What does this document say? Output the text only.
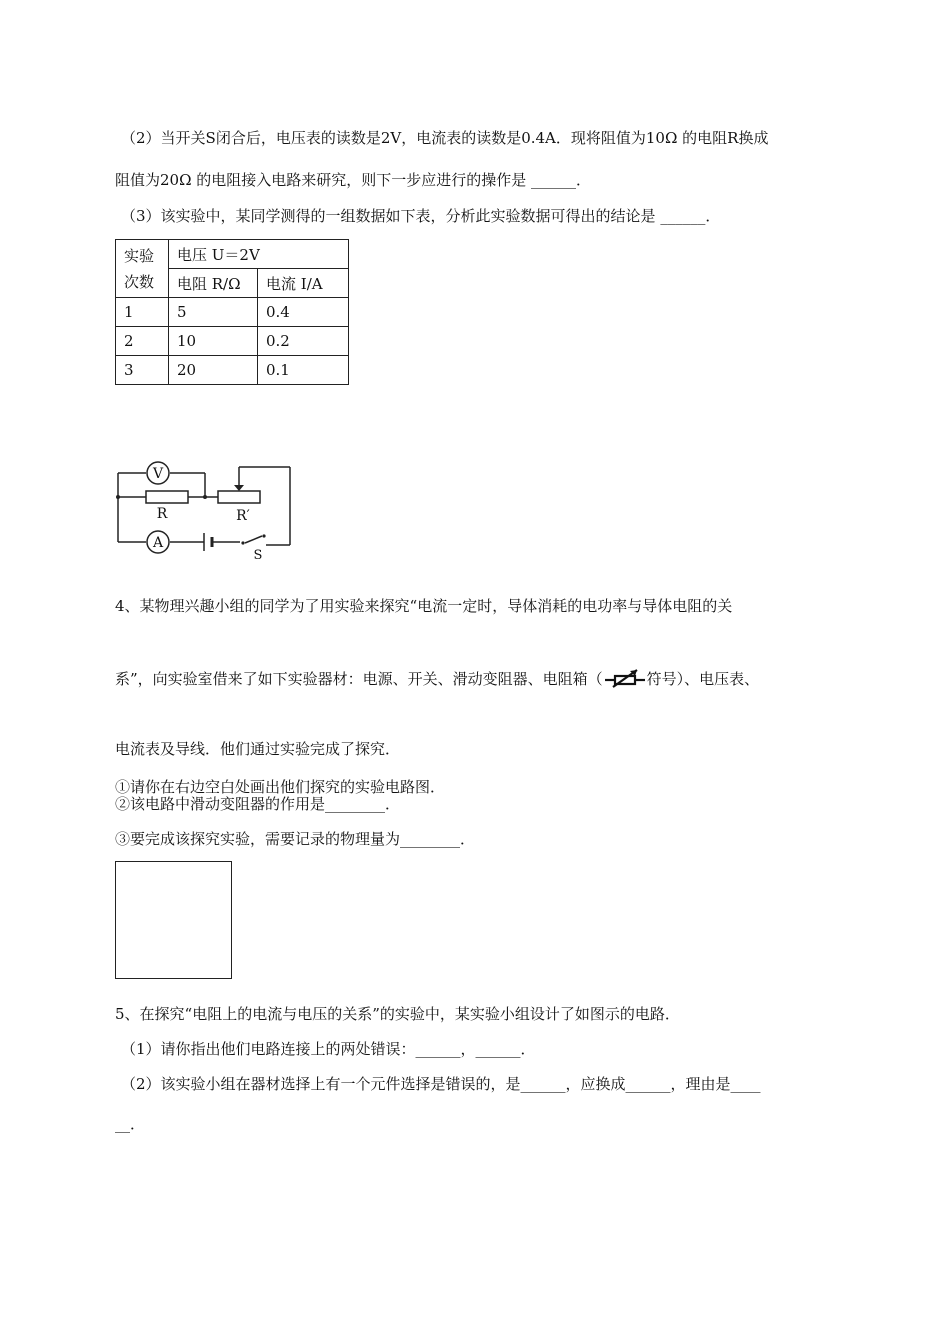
（2）当开关S闭合后，电压表的读数是2V，电流表的读数是0.4A．现将阻值为10Ω 的电阻R换成
阻值为20Ω 的电阻接入电路来研究，则下一步应进行的操作是 ______．
（3）该实验中，某同学测得的一组数据如下表，分析此实验数据可得出的结论是 ______．
实验
次数	电压 U＝2V	
	电阻 R/Ω	电流 I/A
1	5	0.4
2	10	0.2
3	20	0.1
V
A
R	R′
S
4、某物理兴趣小组的同学为了用实验来探究“电流一定时，导体消耗的电功率与导体电阻的关
系”，向实验室借来了如下实验器材：电源、开关、滑动变阻器、电阻箱（	符号）、电压表、
电流表及导线．他们通过实验完成了探究．
①请你在右边空白处画出他们探究的实验电路图．
②该电路中滑动变阻器的作用是________．
③要完成该探究实验，需要记录的物理量为________．
5、在探究“电阻上的电流与电压的关系”的实验中，某实验小组设计了如图示的电路．
（1）请你指出他们电路连接上的两处错误：______，______．
（2）该实验小组在器材选择上有一个元件选择是错误的，是______，应换成______，理由是____
__．
